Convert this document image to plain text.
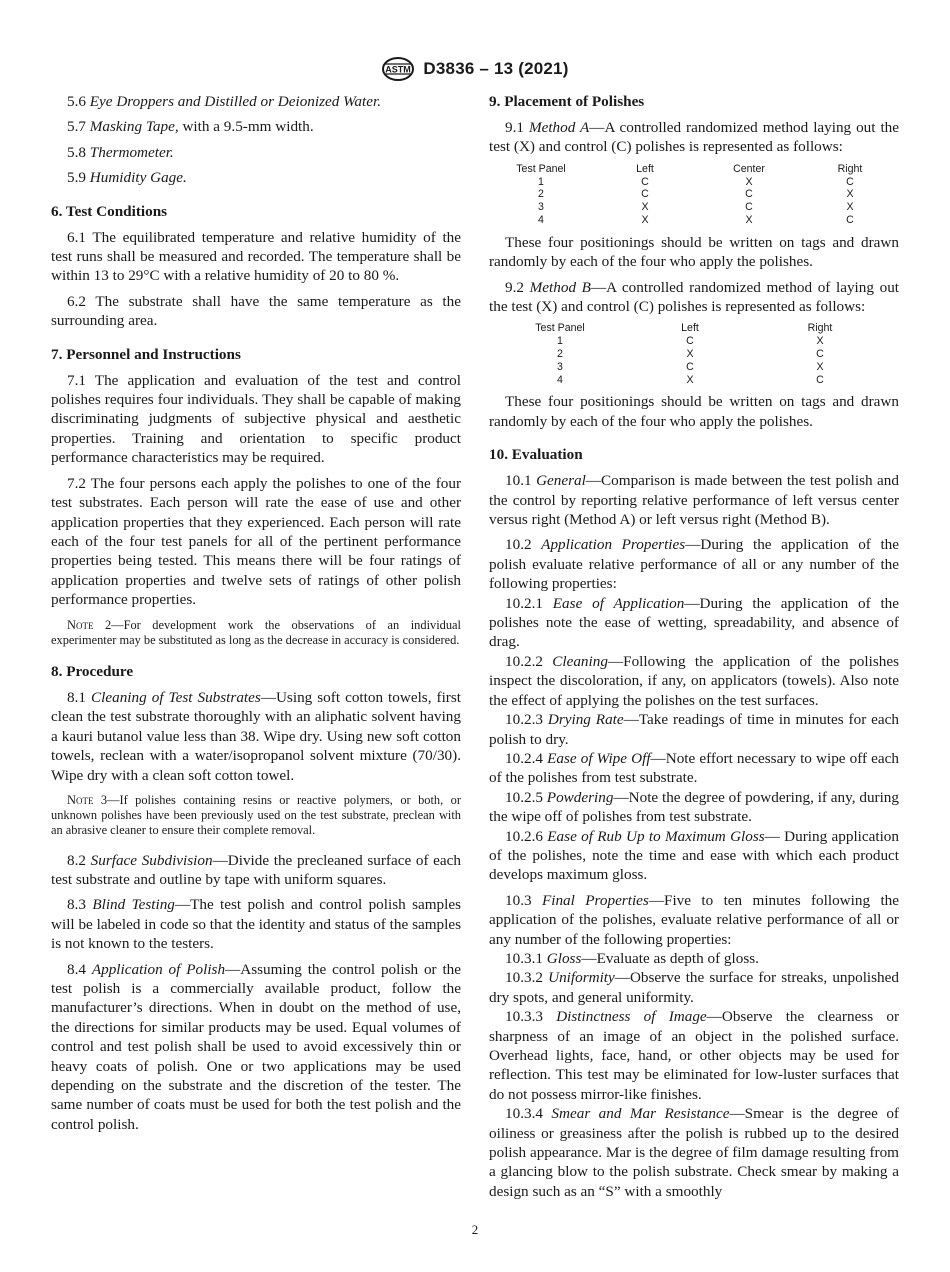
ASTM D3836 – 13 (2021)

5.6 Eye Droppers and Distilled or Deionized Water.

5.7 Masking Tape, with a 9.5-mm width.

5.8 Thermometer.

5.9 Humidity Gage.

6. Test Conditions

6.1 The equilibrated temperature and relative humidity of the test runs shall be measured and recorded. The temperature shall be within 13 to 29°C with a relative humidity of 20 to 80 %.

6.2 The substrate shall have the same temperature as the surrounding area.

7. Personnel and Instructions

7.1 The application and evaluation of the test and control polishes requires four individuals. They shall be capable of making discriminating judgments of subjective physical and aesthetic properties. Training and orientation to specific product performance characteristics may be required.

7.2 The four persons each apply the polishes to one of the four test substrates. Each person will rate the ease of use and other application properties that they experienced. Each person will rate each of the four test panels for all of the pertinent performance properties being tested. This means there will be four ratings of application properties and twelve sets of ratings of other polish performance properties.

Note 2—For development work the observations of an individual experimenter may be substituted as long as the decrease in accuracy is considered.

8. Procedure

8.1 Cleaning of Test Substrates—Using soft cotton towels, first clean the test substrate thoroughly with an aliphatic solvent having a kauri butanol value less than 38. Wipe dry. Using new soft cotton towels, reclean with a water/isopropanol solvent mixture (70/30). Wipe dry with a clean soft cotton towel.

Note 3—If polishes containing resins or reactive polymers, or both, or unknown polishes have been previously used on the test substrate, preclean with an abrasive cleaner to ensure their complete removal.

8.2 Surface Subdivision—Divide the precleaned surface of each test substrate and outline by tape with uniform squares.

8.3 Blind Testing—The test polish and control polish samples will be labeled in code so that the identity and status of the samples is not known to the testers.

8.4 Application of Polish—Assuming the control polish or the test polish is a commercially available product, follow the manufacturer’s directions. When in doubt on the method of use, the directions for similar products may be used. Equal volumes of control and test polish shall be used to avoid excessively thin or heavy coats of polish. One or two applications may be used depending on the substrate and the discretion of the tester. The same number of coats must be used for both the test polish and the control polish.

9. Placement of Polishes

9.1 Method A—A controlled randomized method laying out the test (X) and control (C) polishes is represented as follows:

Test Panel	Left	Center	Right
1	C	X	C
2	C	C	X
3	X	C	X
4	X	X	C

These four positionings should be written on tags and drawn randomly by each of the four who apply the polishes.

9.2 Method B—A controlled randomized method of laying out the test (X) and control (C) polishes is represented as follows:

Test Panel	Left	Right
1	C	X
2	X	C
3	C	X
4	X	C

These four positionings should be written on tags and drawn randomly by each of the four who apply the polishes.

10. Evaluation

10.1 General—Comparison is made between the test polish and the control by reporting relative performance of left versus center versus right (Method A) or left versus right (Method B).

10.2 Application Properties—During the application of the polish evaluate relative performance of all or any number of the following properties:

10.2.1 Ease of Application—During the application of the polishes note the ease of wetting, spreadability, and absence of drag.

10.2.2 Cleaning—Following the application of the polishes inspect the discoloration, if any, on applicators (towels). Also note the effect of applying the polishes on the test surfaces.

10.2.3 Drying Rate—Take readings of time in minutes for each polish to dry.

10.2.4 Ease of Wipe Off—Note effort necessary to wipe off each of the polishes from test substrate.

10.2.5 Powdering—Note the degree of powdering, if any, during the wipe off of polishes from test substrate.

10.2.6 Ease of Rub Up to Maximum Gloss— During application of the polishes, note the time and ease with which each product develops maximum gloss.

10.3 Final Properties—Five to ten minutes following the application of the polishes, evaluate relative performance of all or any number of the following properties:

10.3.1 Gloss—Evaluate as depth of gloss.

10.3.2 Uniformity—Observe the surface for streaks, unpolished dry spots, and general uniformity.

10.3.3 Distinctness of Image—Observe the clearness or sharpness of an image of an object in the polished surface. Overhead lights, face, hand, or other objects may be used for reflection. This test may be eliminated for low-luster surfaces that do not possess mirror-like finishes.

10.3.4 Smear and Mar Resistance—Smear is the degree of oiliness or greasiness after the polish is rubbed up to the desired polish appearance. Mar is the degree of film damage resulting from a glancing blow to the polish substrate. Check smear by making a design such as an “S” with a smoothly

2
